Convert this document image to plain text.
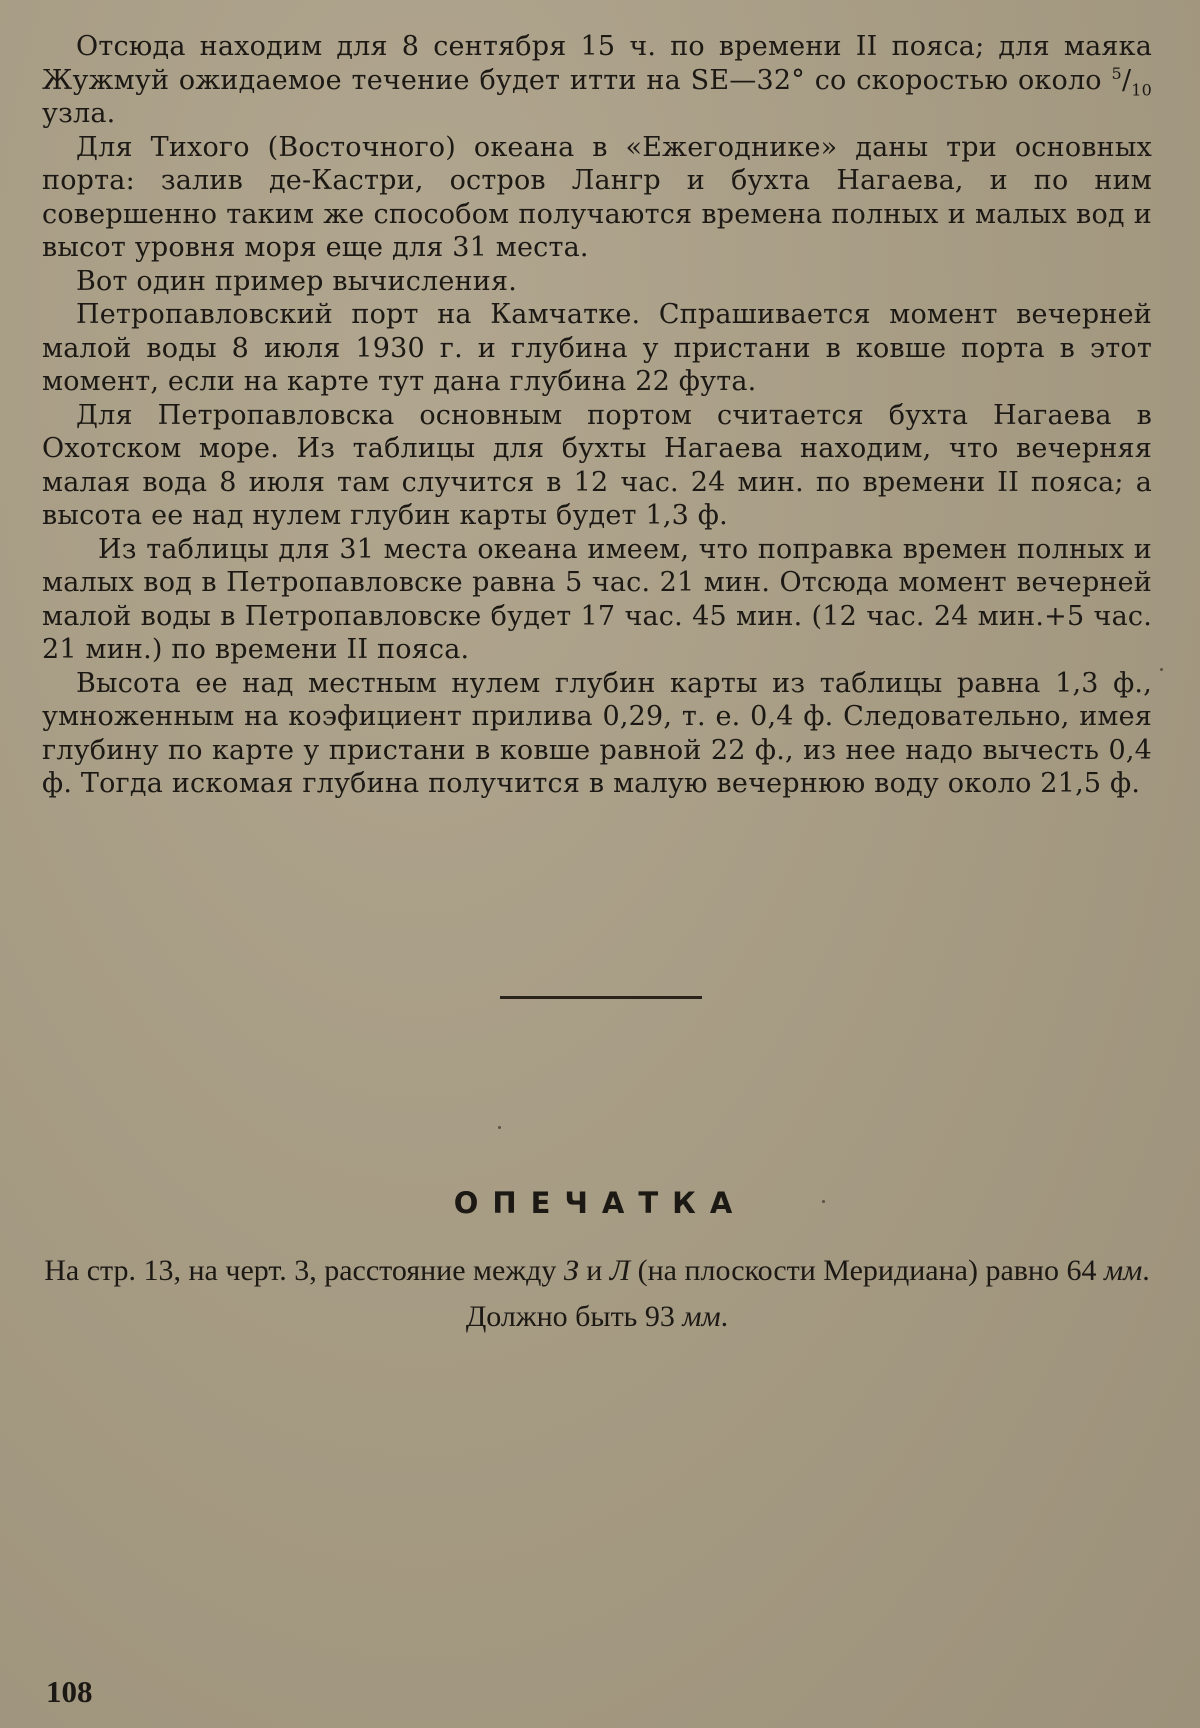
Отсюда находим для 8 сентября 15 ч. по времени II пояса; для маяка Жужмуй ожидаемое течение будет итти на SE—32° со скоростью около $^5/_{10}$ узла.

Для Тихого (Восточного) океана в «Ежегоднике» даны три основных порта: залив де-Кастри, остров Лангр и бухта Нагаева, и по ним совершенно таким же способом получаются времена полных и малых вод и высот уровня моря еще для 31 места.

Вот один пример вычисления.

Петропавловский порт на Камчатке. Спрашивается момент вечерней малой воды 8 июля 1930 г. и глубина у пристани в ковше порта в этот момент, если на карте тут дана глубина 22 фута.

Для Петропавловска основным портом считается бухта Нагаева в Охотском море. Из таблицы для бухты Нагаева находим, что вечерняя малая вода 8 июля там случится в 12 час. 24 мин. по времени II пояса; а высота ее над нулем глубин карты будет 1,3 ф.

Из таблицы для 31 места океана имеем, что поправка времен полных и малых вод в Петропавловске равна 5 час. 21 мин. Отсюда момент вечерней малой воды в Петропавловске будет 17 час. 45 мин. (12 час. 24 мин.+5 час. 21 мин.) по времени II пояса.

Высота ее над местным нулем глубин карты из таблицы равна 1,3 ф., умноженным на коэфициент прилива 0,29, т. е. 0,4 ф. Следовательно, имея глубину по карте у пристани в ковше равной 22 ф., из нее надо вычесть 0,4 ф. Тогда искомая глубина получится в малую вечернюю воду около 21,5 ф.

ОПЕЧАТКА

На стр. 13, на черт. 3, расстояние между З и Л (на плоскости Меридиана) равно 64 мм. Должно быть 93 мм.

108
